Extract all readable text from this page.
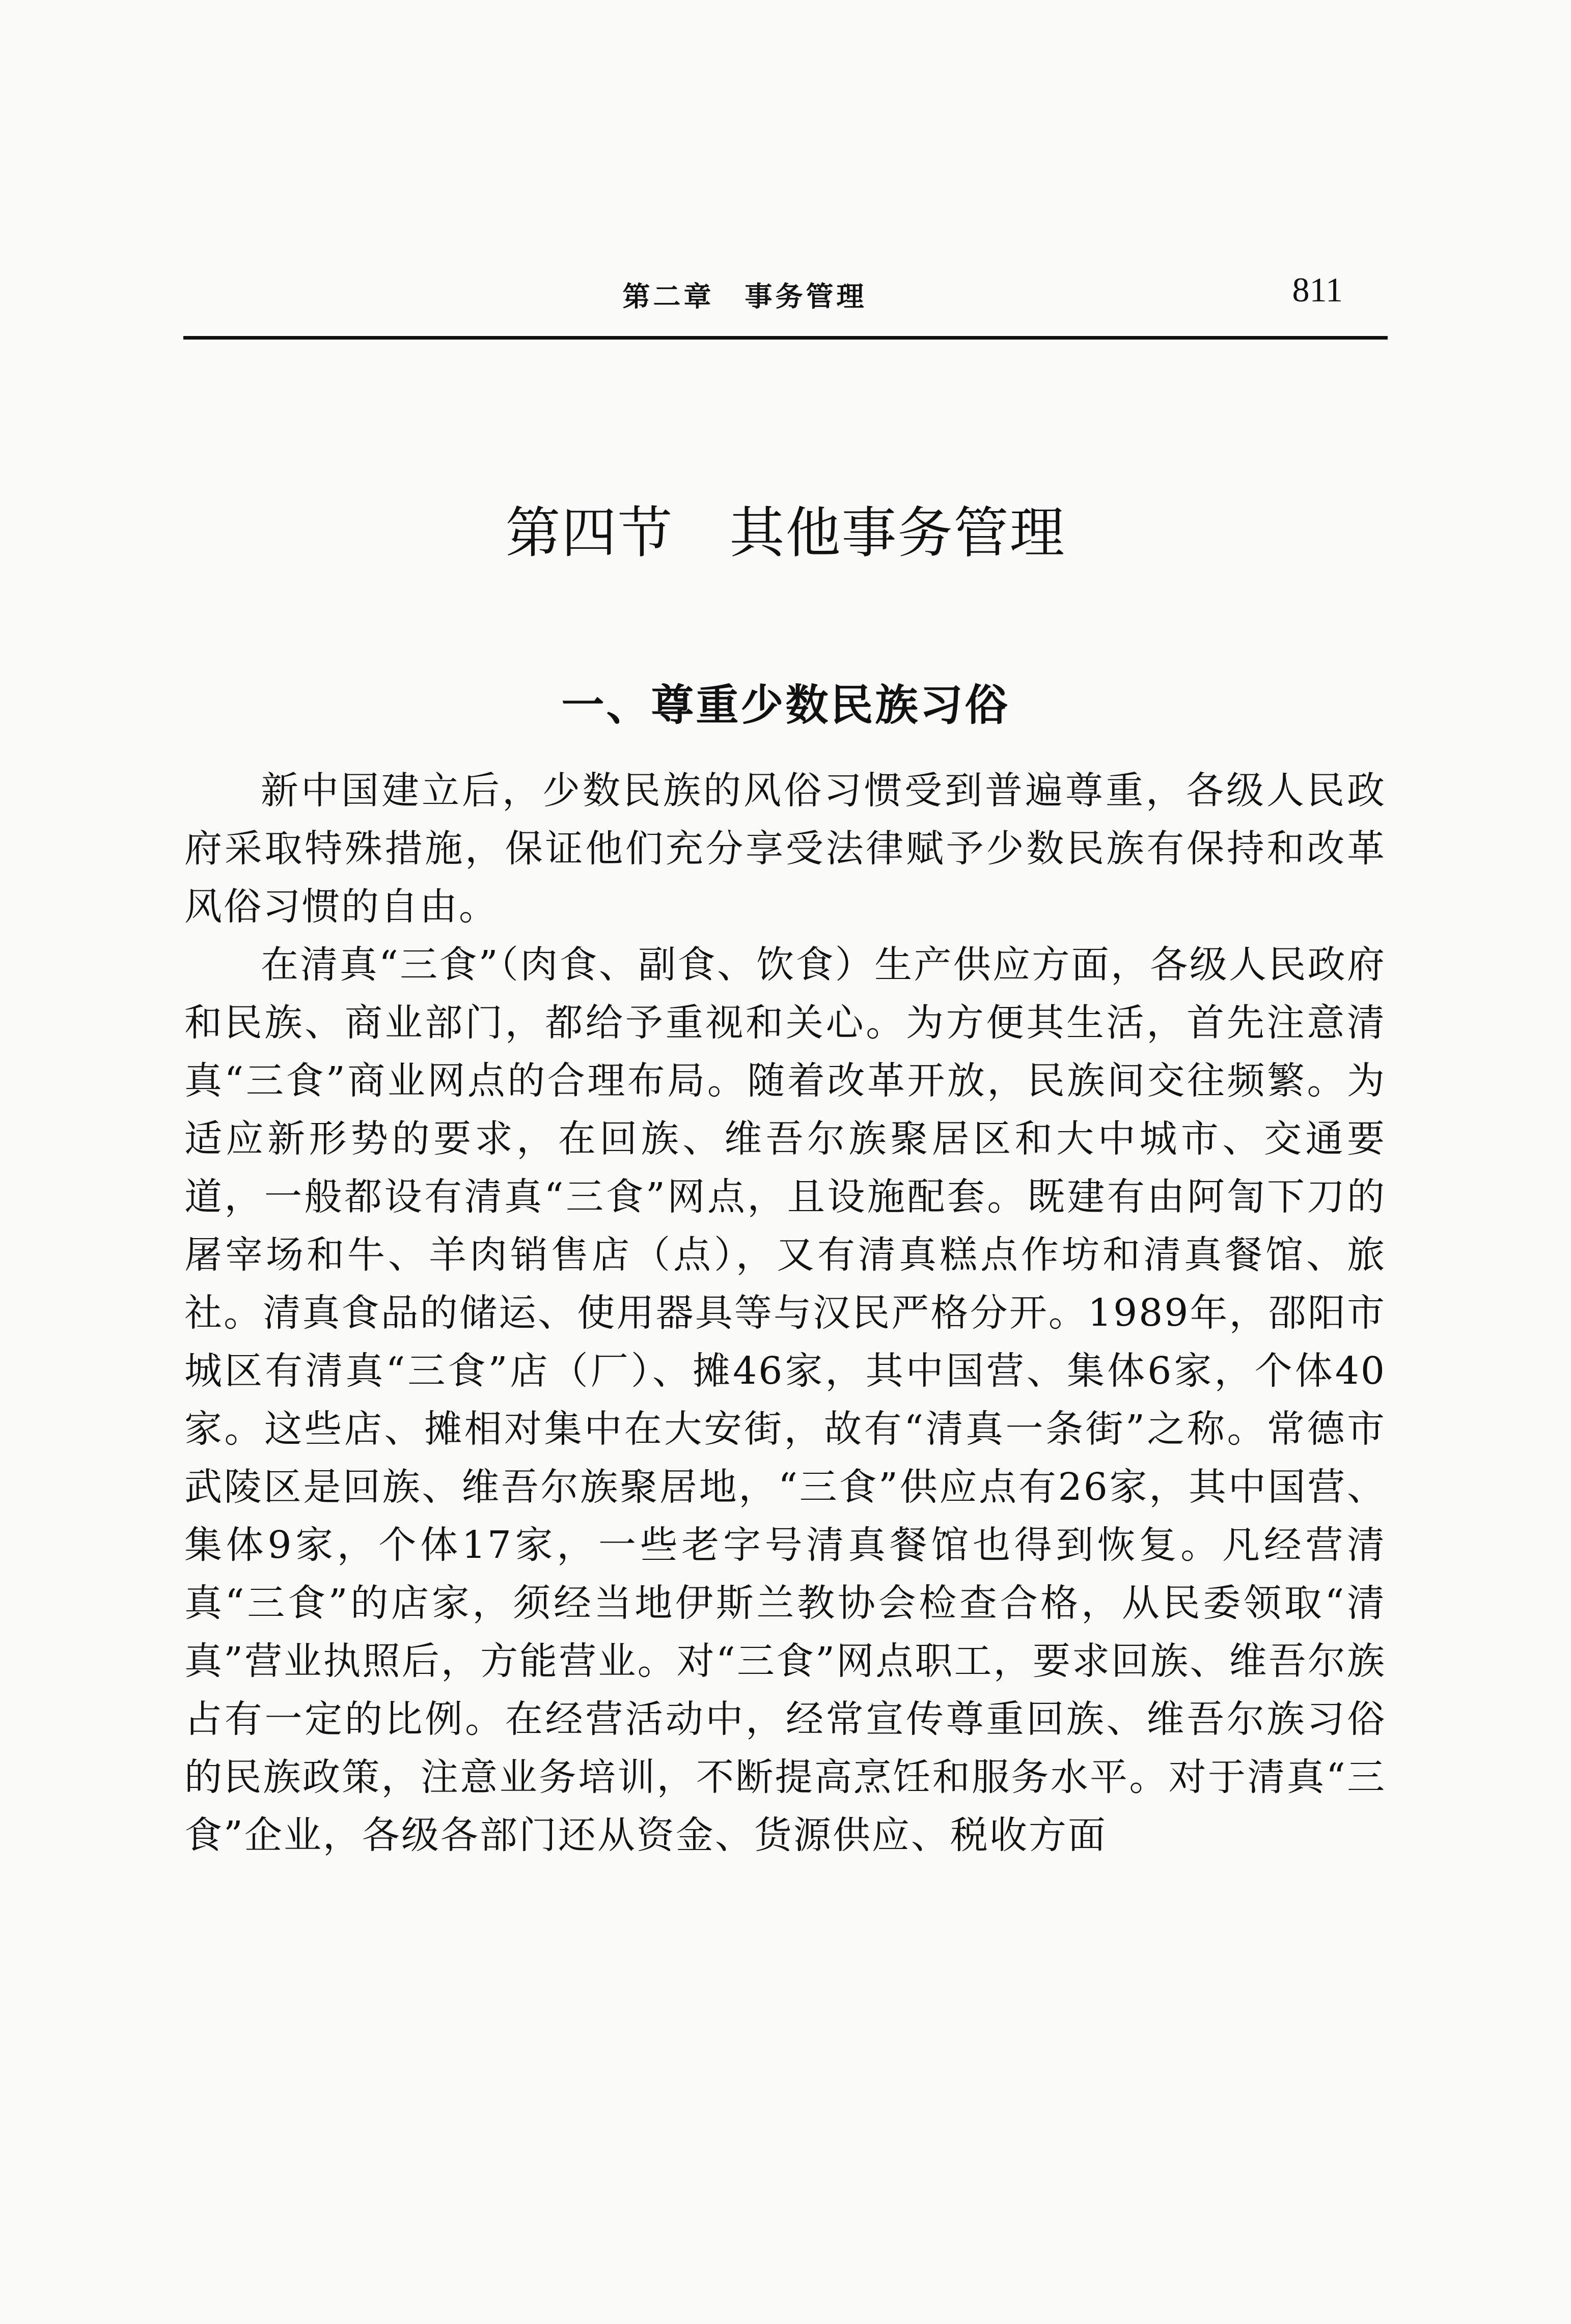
第二章　事务管理	811
第四节　其他事务管理
一、尊重少数民族习俗

新中国建立后，少数民族的风俗习惯受到普遍尊重，各级人民政府采取特殊措施，保证他们充分享受法律赋予少数民族有保持和改革风俗习惯的自由。

在清真“三食”（肉食、副食、饮食）生产供应方面，各级人民政府和民族、商业部门，都给予重视和关心。为方便其生活，首先注意清真“三食”商业网点的合理布局。随着改革开放，民族间交往频繁。为适应新形势的要求，在回族、维吾尔族聚居区和大中城市、交通要道，一般都设有清真“三食”网点，且设施配套。既建有由阿訇下刀的屠宰场和牛、羊肉销售店（点），又有清真糕点作坊和清真餐馆、旅社。清真食品的储运、使用器具等与汉民严格分开。1989年，邵阳市城区有清真“三食”店（厂）、摊46家，其中国营、集体6家，个体40家。这些店、摊相对集中在大安街，故有“清真一条街”之称。常德市武陵区是回族、维吾尔族聚居地，“三食”供应点有26家，其中国营、集体9家，个体17家，一些老字号清真餐馆也得到恢复。凡经营清真“三食”的店家，须经当地伊斯兰教协会检查合格，从民委领取“清真”营业执照后，方能营业。对“三食”网点职工，要求回族、维吾尔族占有一定的比例。在经营活动中，经常宣传尊重回族、维吾尔族习俗的民族政策，注意业务培训，不断提高烹饪和服务水平。对于清真“三食”企业，各级各部门还从资金、货源供应、税收方面
